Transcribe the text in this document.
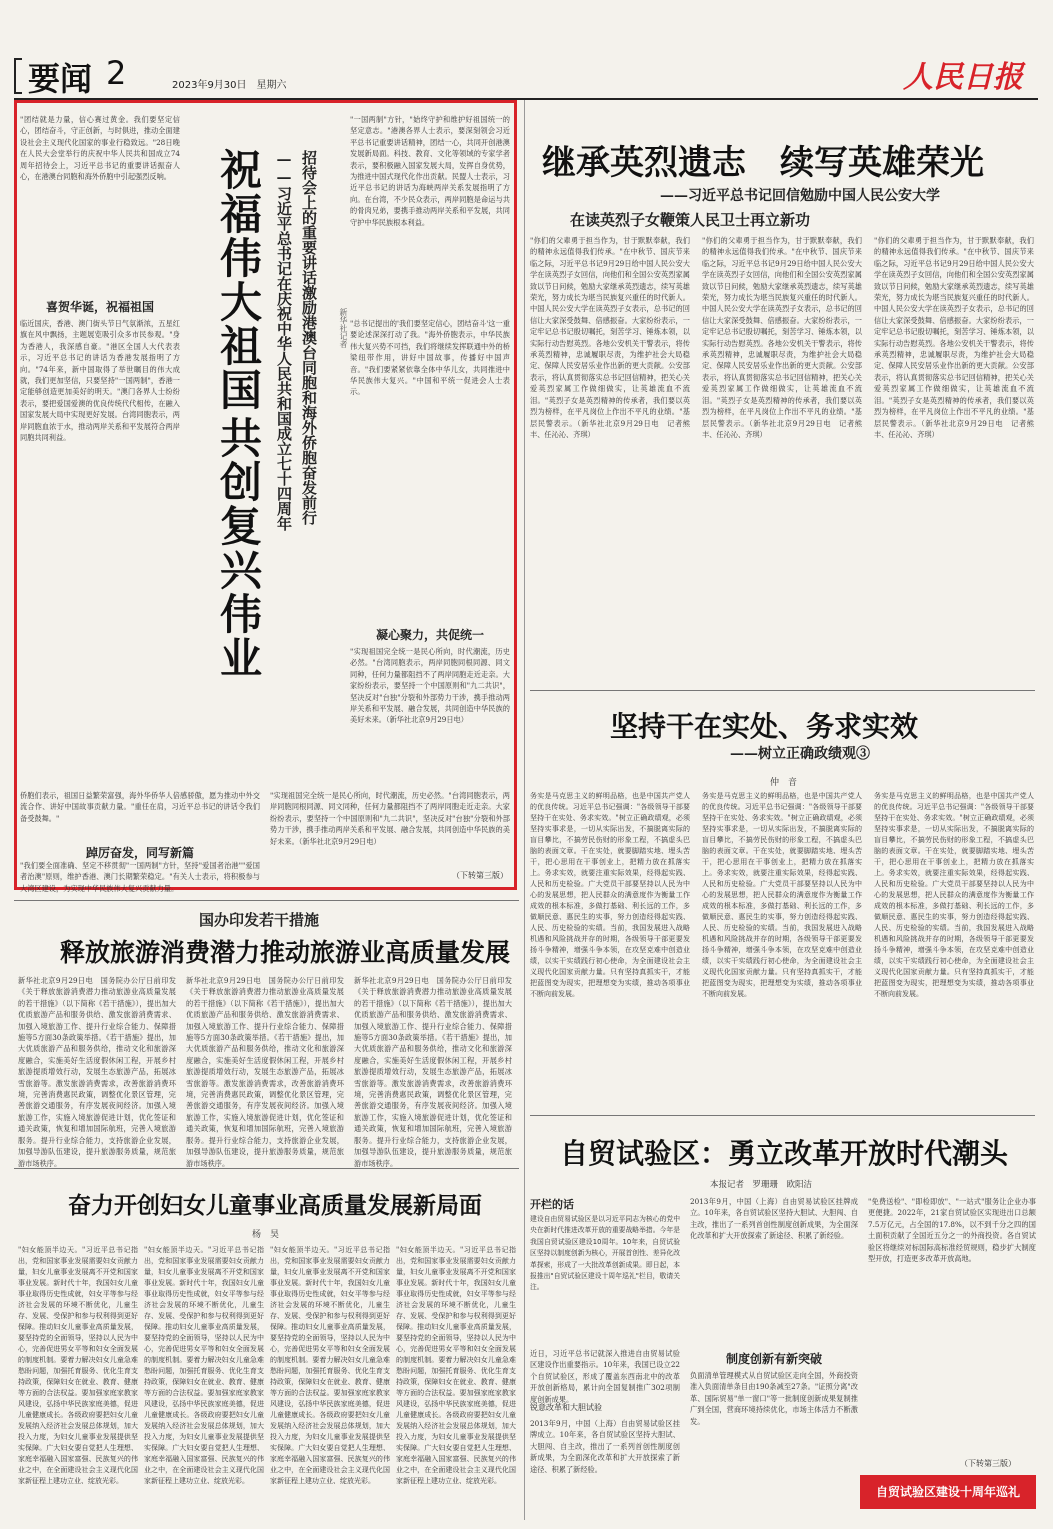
要闻 2	2023年9月30日　星期六	人民日报
"团结就是力量，信心赛过黄金。我们要坚定信心，团结奋斗，守正创新，与时俱进，推动全面建设社会主义现代化国家的事业行稳致远。"28日晚在人民大会堂举行的庆祝中华人民共和国成立74周年招待会上，习近平总书记的重要讲话振奋人心，在港澳台同胞和海外侨胞中引起强烈反响。
喜贺华诞，祝福祖国
临近国庆，香港、澳门街头节日气氛渐浓，五星红旗在风中飘扬，主题展览吸引众多市民参观。"身为香港人，我深感自豪。"港区全国人大代表表示，习近平总书记的讲话为香港发展指明了方向。"74年来，新中国取得了举世瞩目的伟大成就，我们更加坚信，只要坚持"一国两制"，香港一定能够创造更加美好的明天。"澳门各界人士纷纷表示，要把爱国爱澳的优良传统代代相传，在融入国家发展大局中实现更好发展。台湾同胞表示，两岸同胞血浓于水，推动两岸关系和平发展符合两岸同胞共同利益。
祝福伟大祖国
共创复兴伟业
——习近平总书记在庆祝中华人民共和国成立七十四周年 招待会上的重要讲话激励港澳台同胞和海外侨胞奋发前行	新华社记者
"一国两制"方针，"始终守护和维护好祖国统一的坚定意志。"港澳各界人士表示，要深刻领会习近平总书记重要讲话精神，团结一心，共同开创港澳发展新局面。科技、教育、文化等领域的专家学者表示，要积极融入国家发展大局，发挥自身优势，为推进中国式现代化作出贡献。民盟人士表示，习近平总书记的讲话为海峡两岸关系发展指明了方向。在台湾，不少民众表示，两岸同胞是命运与共的骨肉兄弟，要携手推动两岸关系和平发展，共同守护中华民族根本利益。
"总书记提出的'我们要坚定信心，团结奋斗'这一重要论述深深打动了我。"海外侨胞表示，中华民族伟大复兴势不可挡，我们将继续发挥联通中外的桥梁纽带作用，讲好中国故事，传播好中国声音。"我们要紧紧依靠全体中华儿女，共同推进中华民族伟大复兴。"中国和平统一促进会人士表示。
凝心聚力，共促统一
"实现祖国完全统一是民心所向，时代潮流，历史必然。"台湾同胞表示，两岸同胞同根同源、同文同种，任何力量都阻挡不了两岸同胞走近走亲。大家纷纷表示，要坚持一个中国原则和"九二共识"，坚决反对"台独"分裂和外部势力干涉，携手推动两岸关系和平发展、融合发展，共同创造中华民族的美好未来。（新华社北京9月29日电）
侨胞们表示，祖国日益繁荣富强，海外华侨华人倍感骄傲，愿为推动中外交流合作、讲好中国故事贡献力量。"重任在肩，习近平总书记的讲话令我们备受鼓舞。"
踔厉奋发，同写新篇
"我们要全面准确、坚定不移贯彻"一国两制"方针，坚持"爱国者治港""爱国者治澳"原则，维护香港、澳门长期繁荣稳定。"有关人士表示，将积极参与大湾区建设，为实现中华民族伟大复兴贡献力量。
"实现祖国完全统一是民心所向，时代潮流，历史必然。"台湾同胞表示，两岸同胞同根同源、同文同种，任何力量都阻挡不了两岸同胞走近走亲。大家纷纷表示，要坚持一个中国原则和"九二共识"，坚决反对"台独"分裂和外部势力干涉，携手推动两岸关系和平发展、融合发展，共同创造中华民族的美好未来。（新华社北京9月29日电）
（下转第三版）
继承英烈遗志　续写英雄荣光
——习近平总书记回信勉励中国人民公安大学
在读英烈子女鞭策人民卫士再立新功
"你们的父辈勇于担当作为，甘于默默奉献，我们的精神永远值得我们传承。"在中秋节、国庆节来临之际，习近平总书记9月29日给中国人民公安大学在读英烈子女回信，向他们和全国公安英烈家属致以节日问候，勉励大家继承英烈遗志，续写英雄荣光，努力成长为堪当民族复兴重任的时代新人。中国人民公安大学在读英烈子女表示，总书记的回信让大家深受鼓舞、倍感振奋。大家纷纷表示，一定牢记总书记殷切嘱托，刻苦学习、锤炼本领，以实际行动告慰英烈。各地公安机关干警表示，将传承英烈精神，忠诚履职尽责，为维护社会大局稳定、保障人民安居乐业作出新的更大贡献。公安部表示，将认真贯彻落实总书记回信精神，把关心关爱英烈家属工作做细做实，让英雄流血不流泪。"英烈子女是英烈精神的传承者，我们要以英烈为榜样，在平凡岗位上作出不平凡的业绩。"基层民警表示。（新华社北京9月29日电　记者熊丰、任沁沁、齐琪）
"你们的父辈勇于担当作为，甘于默默奉献，我们的精神永远值得我们传承。"在中秋节、国庆节来临之际，习近平总书记9月29日给中国人民公安大学在读英烈子女回信，向他们和全国公安英烈家属致以节日问候，勉励大家继承英烈遗志，续写英雄荣光，努力成长为堪当民族复兴重任的时代新人。中国人民公安大学在读英烈子女表示，总书记的回信让大家深受鼓舞、倍感振奋。大家纷纷表示，一定牢记总书记殷切嘱托，刻苦学习、锤炼本领，以实际行动告慰英烈。各地公安机关干警表示，将传承英烈精神，忠诚履职尽责，为维护社会大局稳定、保障人民安居乐业作出新的更大贡献。公安部表示，将认真贯彻落实总书记回信精神，把关心关爱英烈家属工作做细做实，让英雄流血不流泪。"英烈子女是英烈精神的传承者，我们要以英烈为榜样，在平凡岗位上作出不平凡的业绩。"基层民警表示。（新华社北京9月29日电　记者熊丰、任沁沁、齐琪）
"你们的父辈勇于担当作为，甘于默默奉献，我们的精神永远值得我们传承。"在中秋节、国庆节来临之际，习近平总书记9月29日给中国人民公安大学在读英烈子女回信，向他们和全国公安英烈家属致以节日问候，勉励大家继承英烈遗志，续写英雄荣光，努力成长为堪当民族复兴重任的时代新人。中国人民公安大学在读英烈子女表示，总书记的回信让大家深受鼓舞、倍感振奋。大家纷纷表示，一定牢记总书记殷切嘱托，刻苦学习、锤炼本领，以实际行动告慰英烈。各地公安机关干警表示，将传承英烈精神，忠诚履职尽责，为维护社会大局稳定、保障人民安居乐业作出新的更大贡献。公安部表示，将认真贯彻落实总书记回信精神，把关心关爱英烈家属工作做细做实，让英雄流血不流泪。"英烈子女是英烈精神的传承者，我们要以英烈为榜样，在平凡岗位上作出不平凡的业绩。"基层民警表示。（新华社北京9月29日电　记者熊丰、任沁沁、齐琪）
坚持干在实处、务求实效
——树立正确政绩观③
仲　音
务实是马克思主义的鲜明品格，也是中国共产党人的优良传统。习近平总书记强调："各级领导干部要坚持干在实处、务求实效。"树立正确政绩观，必须坚持实事求是，一切从实际出发，不搞脱离实际的盲目攀比，不搞劳民伤财的形象工程，不搞虚头巴脑的表面文章。干在实处，就要脚踏实地、埋头苦干，把心思用在干事创业上，把精力放在抓落实上。务求实效，就要注重实际效果，经得起实践、人民和历史检验。广大党员干部要坚持以人民为中心的发展思想，把人民群众的满意度作为衡量工作成效的根本标准，多做打基础、利长远的工作，多做顺民意、惠民生的实事，努力创造经得起实践、人民、历史检验的实绩。当前，我国发展进入战略机遇和风险挑战并存的时期，各级领导干部更要发扬斗争精神，增强斗争本领，在攻坚克难中创造业绩，以实干实绩践行初心使命，为全面建设社会主义现代化国家贡献力量。只有坚持真抓实干，才能把蓝图变为现实，把理想变为实绩，推动各项事业不断向前发展。
务实是马克思主义的鲜明品格，也是中国共产党人的优良传统。习近平总书记强调："各级领导干部要坚持干在实处、务求实效。"树立正确政绩观，必须坚持实事求是，一切从实际出发，不搞脱离实际的盲目攀比，不搞劳民伤财的形象工程，不搞虚头巴脑的表面文章。干在实处，就要脚踏实地、埋头苦干，把心思用在干事创业上，把精力放在抓落实上。务求实效，就要注重实际效果，经得起实践、人民和历史检验。广大党员干部要坚持以人民为中心的发展思想，把人民群众的满意度作为衡量工作成效的根本标准，多做打基础、利长远的工作，多做顺民意、惠民生的实事，努力创造经得起实践、人民、历史检验的实绩。当前，我国发展进入战略机遇和风险挑战并存的时期，各级领导干部更要发扬斗争精神，增强斗争本领，在攻坚克难中创造业绩，以实干实绩践行初心使命，为全面建设社会主义现代化国家贡献力量。只有坚持真抓实干，才能把蓝图变为现实，把理想变为实绩，推动各项事业不断向前发展。
务实是马克思主义的鲜明品格，也是中国共产党人的优良传统。习近平总书记强调："各级领导干部要坚持干在实处、务求实效。"树立正确政绩观，必须坚持实事求是，一切从实际出发，不搞脱离实际的盲目攀比，不搞劳民伤财的形象工程，不搞虚头巴脑的表面文章。干在实处，就要脚踏实地、埋头苦干，把心思用在干事创业上，把精力放在抓落实上。务求实效，就要注重实际效果，经得起实践、人民和历史检验。广大党员干部要坚持以人民为中心的发展思想，把人民群众的满意度作为衡量工作成效的根本标准，多做打基础、利长远的工作，多做顺民意、惠民生的实事，努力创造经得起实践、人民、历史检验的实绩。当前，我国发展进入战略机遇和风险挑战并存的时期，各级领导干部更要发扬斗争精神，增强斗争本领，在攻坚克难中创造业绩，以实干实绩践行初心使命，为全面建设社会主义现代化国家贡献力量。只有坚持真抓实干，才能把蓝图变为现实，把理想变为实绩，推动各项事业不断向前发展。
国办印发若干措施
释放旅游消费潜力推动旅游业高质量发展
新华社北京9月29日电　国务院办公厅日前印发《关于释放旅游消费潜力推动旅游业高质量发展的若干措施》（以下简称《若干措施》），提出加大优质旅游产品和服务供给、激发旅游消费需求、加强入境旅游工作、提升行业综合能力、保障措施等5方面30条政策举措。《若干措施》提出，加大优质旅游产品和服务供给，推动文化和旅游深度融合，实施美好生活度假休闲工程，开展乡村旅游提质增效行动，发展生态旅游产品，拓展冰雪旅游等。激发旅游消费需求，改善旅游消费环境，完善消费惠民政策，调整优化景区管理，完善旅游交通服务，有序发展夜间经济。加强入境旅游工作，实施入境旅游促进计划，优化签证和通关政策，恢复和增加国际航班，完善入境旅游服务。提升行业综合能力，支持旅游企业发展，加强导游队伍建设，提升旅游服务质量，规范旅游市场秩序。
新华社北京9月29日电　国务院办公厅日前印发《关于释放旅游消费潜力推动旅游业高质量发展的若干措施》（以下简称《若干措施》），提出加大优质旅游产品和服务供给、激发旅游消费需求、加强入境旅游工作、提升行业综合能力、保障措施等5方面30条政策举措。《若干措施》提出，加大优质旅游产品和服务供给，推动文化和旅游深度融合，实施美好生活度假休闲工程，开展乡村旅游提质增效行动，发展生态旅游产品，拓展冰雪旅游等。激发旅游消费需求，改善旅游消费环境，完善消费惠民政策，调整优化景区管理，完善旅游交通服务，有序发展夜间经济。加强入境旅游工作，实施入境旅游促进计划，优化签证和通关政策，恢复和增加国际航班，完善入境旅游服务。提升行业综合能力，支持旅游企业发展，加强导游队伍建设，提升旅游服务质量，规范旅游市场秩序。
新华社北京9月29日电　国务院办公厅日前印发《关于释放旅游消费潜力推动旅游业高质量发展的若干措施》（以下简称《若干措施》），提出加大优质旅游产品和服务供给、激发旅游消费需求、加强入境旅游工作、提升行业综合能力、保障措施等5方面30条政策举措。《若干措施》提出，加大优质旅游产品和服务供给，推动文化和旅游深度融合，实施美好生活度假休闲工程，开展乡村旅游提质增效行动，发展生态旅游产品，拓展冰雪旅游等。激发旅游消费需求，改善旅游消费环境，完善消费惠民政策，调整优化景区管理，完善旅游交通服务，有序发展夜间经济。加强入境旅游工作，实施入境旅游促进计划，优化签证和通关政策，恢复和增加国际航班，完善入境旅游服务。提升行业综合能力，支持旅游企业发展，加强导游队伍建设，提升旅游服务质量，规范旅游市场秩序。
奋力开创妇女儿童事业高质量发展新局面
杨　昊
"妇女能顶半边天。"习近平总书记指出，党和国家事业发展需要妇女贡献力量，妇女儿童事业发展离不开党和国家事业发展。新时代十年，我国妇女儿童事业取得历史性成就，妇女平等参与经济社会发展的环境不断优化，儿童生存、发展、受保护和参与权利得到更好保障。推动妇女儿童事业高质量发展，要坚持党的全面领导，坚持以人民为中心，完善促进男女平等和妇女全面发展的制度机制。要着力解决妇女儿童急难愁盼问题，加强托育服务、优化生育支持政策，保障妇女在就业、教育、健康等方面的合法权益。要加强家庭家教家风建设，弘扬中华民族家庭美德，促进儿童健康成长。各级政府要把妇女儿童发展纳入经济社会发展总体规划，加大投入力度，为妇女儿童事业发展提供坚实保障。广大妇女要自觉把人生理想、家庭幸福融入国家富强、民族复兴的伟业之中，在全面建设社会主义现代化国家新征程上建功立业、绽放光彩。
"妇女能顶半边天。"习近平总书记指出，党和国家事业发展需要妇女贡献力量，妇女儿童事业发展离不开党和国家事业发展。新时代十年，我国妇女儿童事业取得历史性成就，妇女平等参与经济社会发展的环境不断优化，儿童生存、发展、受保护和参与权利得到更好保障。推动妇女儿童事业高质量发展，要坚持党的全面领导，坚持以人民为中心，完善促进男女平等和妇女全面发展的制度机制。要着力解决妇女儿童急难愁盼问题，加强托育服务、优化生育支持政策，保障妇女在就业、教育、健康等方面的合法权益。要加强家庭家教家风建设，弘扬中华民族家庭美德，促进儿童健康成长。各级政府要把妇女儿童发展纳入经济社会发展总体规划，加大投入力度，为妇女儿童事业发展提供坚实保障。广大妇女要自觉把人生理想、家庭幸福融入国家富强、民族复兴的伟业之中，在全面建设社会主义现代化国家新征程上建功立业、绽放光彩。
"妇女能顶半边天。"习近平总书记指出，党和国家事业发展需要妇女贡献力量，妇女儿童事业发展离不开党和国家事业发展。新时代十年，我国妇女儿童事业取得历史性成就，妇女平等参与经济社会发展的环境不断优化，儿童生存、发展、受保护和参与权利得到更好保障。推动妇女儿童事业高质量发展，要坚持党的全面领导，坚持以人民为中心，完善促进男女平等和妇女全面发展的制度机制。要着力解决妇女儿童急难愁盼问题，加强托育服务、优化生育支持政策，保障妇女在就业、教育、健康等方面的合法权益。要加强家庭家教家风建设，弘扬中华民族家庭美德，促进儿童健康成长。各级政府要把妇女儿童发展纳入经济社会发展总体规划，加大投入力度，为妇女儿童事业发展提供坚实保障。广大妇女要自觉把人生理想、家庭幸福融入国家富强、民族复兴的伟业之中，在全面建设社会主义现代化国家新征程上建功立业、绽放光彩。
"妇女能顶半边天。"习近平总书记指出，党和国家事业发展需要妇女贡献力量，妇女儿童事业发展离不开党和国家事业发展。新时代十年，我国妇女儿童事业取得历史性成就，妇女平等参与经济社会发展的环境不断优化，儿童生存、发展、受保护和参与权利得到更好保障。推动妇女儿童事业高质量发展，要坚持党的全面领导，坚持以人民为中心，完善促进男女平等和妇女全面发展的制度机制。要着力解决妇女儿童急难愁盼问题，加强托育服务、优化生育支持政策，保障妇女在就业、教育、健康等方面的合法权益。要加强家庭家教家风建设，弘扬中华民族家庭美德，促进儿童健康成长。各级政府要把妇女儿童发展纳入经济社会发展总体规划，加大投入力度，为妇女儿童事业发展提供坚实保障。广大妇女要自觉把人生理想、家庭幸福融入国家富强、民族复兴的伟业之中，在全面建设社会主义现代化国家新征程上建功立业、绽放光彩。
自贸试验区：勇立改革开放时代潮头
本报记者　罗珊珊　欧阳洁
开栏的话
建设自由贸易试验区是以习近平同志为核心的党中央在新时代推进改革开放的重要战略举措。今年是我国自贸试验区建设10周年。10年来，自贸试验区坚持以制度创新为核心，开展首创性、差异化改革探索，形成了一大批改革创新成果。即日起，本报推出"自贸试验区建设十周年巡礼"栏目，敬请关注。
近日，习近平总书记就深入推进自由贸易试验区建设作出重要指示。10年来，我国已设立22个自贸试验区，形成了覆盖东西南北中的改革开放创新格局，累计向全国复制推广302项制度创新成果。
锐意改革和大胆试验
2013年9月，中国（上海）自由贸易试验区挂牌成立。10年来，各自贸试验区坚持大胆试、大胆闯、自主改，推出了一系列首创性制度创新成果，为全面深化改革和扩大开放探索了新途径、积累了新经验。
2013年9月，中国（上海）自由贸易试验区挂牌成立。10年来，各自贸试验区坚持大胆试、大胆闯、自主改，推出了一系列首创性制度创新成果，为全面深化改革和扩大开放探索了新途径、积累了新经验。
制度创新有新突破
负面清单管理模式从自贸试验区走向全国，外商投资准入负面清单条目由190条减至27条。"证照分离"改革、国际贸易"单一窗口"等一批制度创新成果复制推广到全国，营商环境持续优化，市场主体活力不断激发。
"免费送检"、"即检即放"、"一站式"服务让企业办事更便捷。2022年，21家自贸试验区实现进出口总额7.5万亿元，占全国的17.8%，以不到千分之四的国土面积贡献了全国近五分之一的外商投资。各自贸试验区将继续对标国际高标准经贸规则，稳步扩大制度型开放，打造更多改革开放高地。
（下转第三版）
自贸试验区建设十周年巡礼
